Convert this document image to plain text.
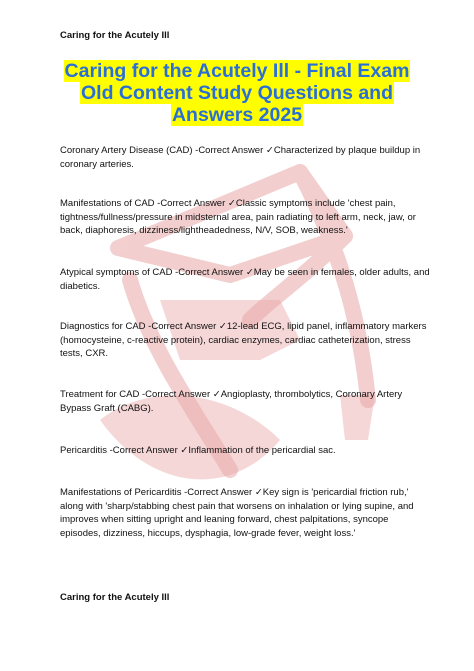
Caring for the Acutely Ill
Caring for the Acutely Ill - Final Exam Old Content Study Questions and Answers 2025
Coronary Artery Disease (CAD) -Correct Answer ✓Characterized by plaque buildup in coronary arteries.
Manifestations of CAD -Correct Answer ✓Classic symptoms include 'chest pain, tightness/fullness/pressure in midsternal area, pain radiating to left arm, neck, jaw, or back, diaphoresis, dizziness/lightheadedness, N/V, SOB, weakness.'
Atypical symptoms of CAD -Correct Answer ✓May be seen in females, older adults, and diabetics.
Diagnostics for CAD -Correct Answer ✓12-lead ECG, lipid panel, inflammatory markers (homocysteine, c-reactive protein), cardiac enzymes, cardiac catheterization, stress tests, CXR.
Treatment for CAD -Correct Answer ✓Angioplasty, thrombolytics, Coronary Artery Bypass Graft (CABG).
Pericarditis -Correct Answer ✓Inflammation of the pericardial sac.
Manifestations of Pericarditis -Correct Answer ✓Key sign is 'pericardial friction rub,' along with 'sharp/stabbing chest pain that worsens on inhalation or lying supine, and improves when sitting upright and leaning forward, chest palpitations, syncope episodes, dizziness, hiccups, dysphagia, low-grade fever, weight loss.'
Caring for the Acutely Ill
